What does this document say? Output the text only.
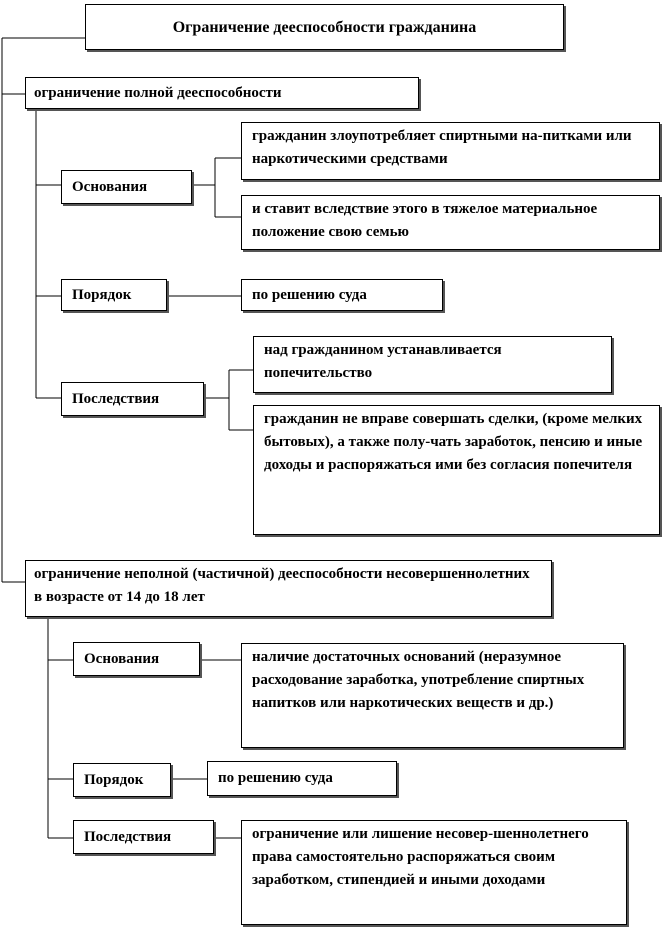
Ограничение дееспособности гражданина
ограничение полной дееспособности
Основания
гражданин злоупотребляет спиртными на-питками или наркотическими средствами
и ставит вследствие этого в тяжелое материальное положение свою семью
Порядок	по решению суда
Последствия
над гражданином устанавливается попечительство
гражданин не вправе совершать сделки, (кроме мелких бытовых), а также полу-чать заработок, пенсию и иные доходы и распоряжаться ими без согласия попечителя
ограничение неполной (частичной) дееспособности несовершеннолетних в возрасте от 14 до 18 лет
Основания	наличие достаточных оснований (неразумное расходование заработка, употребление спиртных напитков или наркотических веществ и др.)
Порядок	по решению суда
Последствия	ограничение или лишение несовер-шеннолетнего права самостоятельно распоряжаться своим заработком, стипендией и иными доходами
